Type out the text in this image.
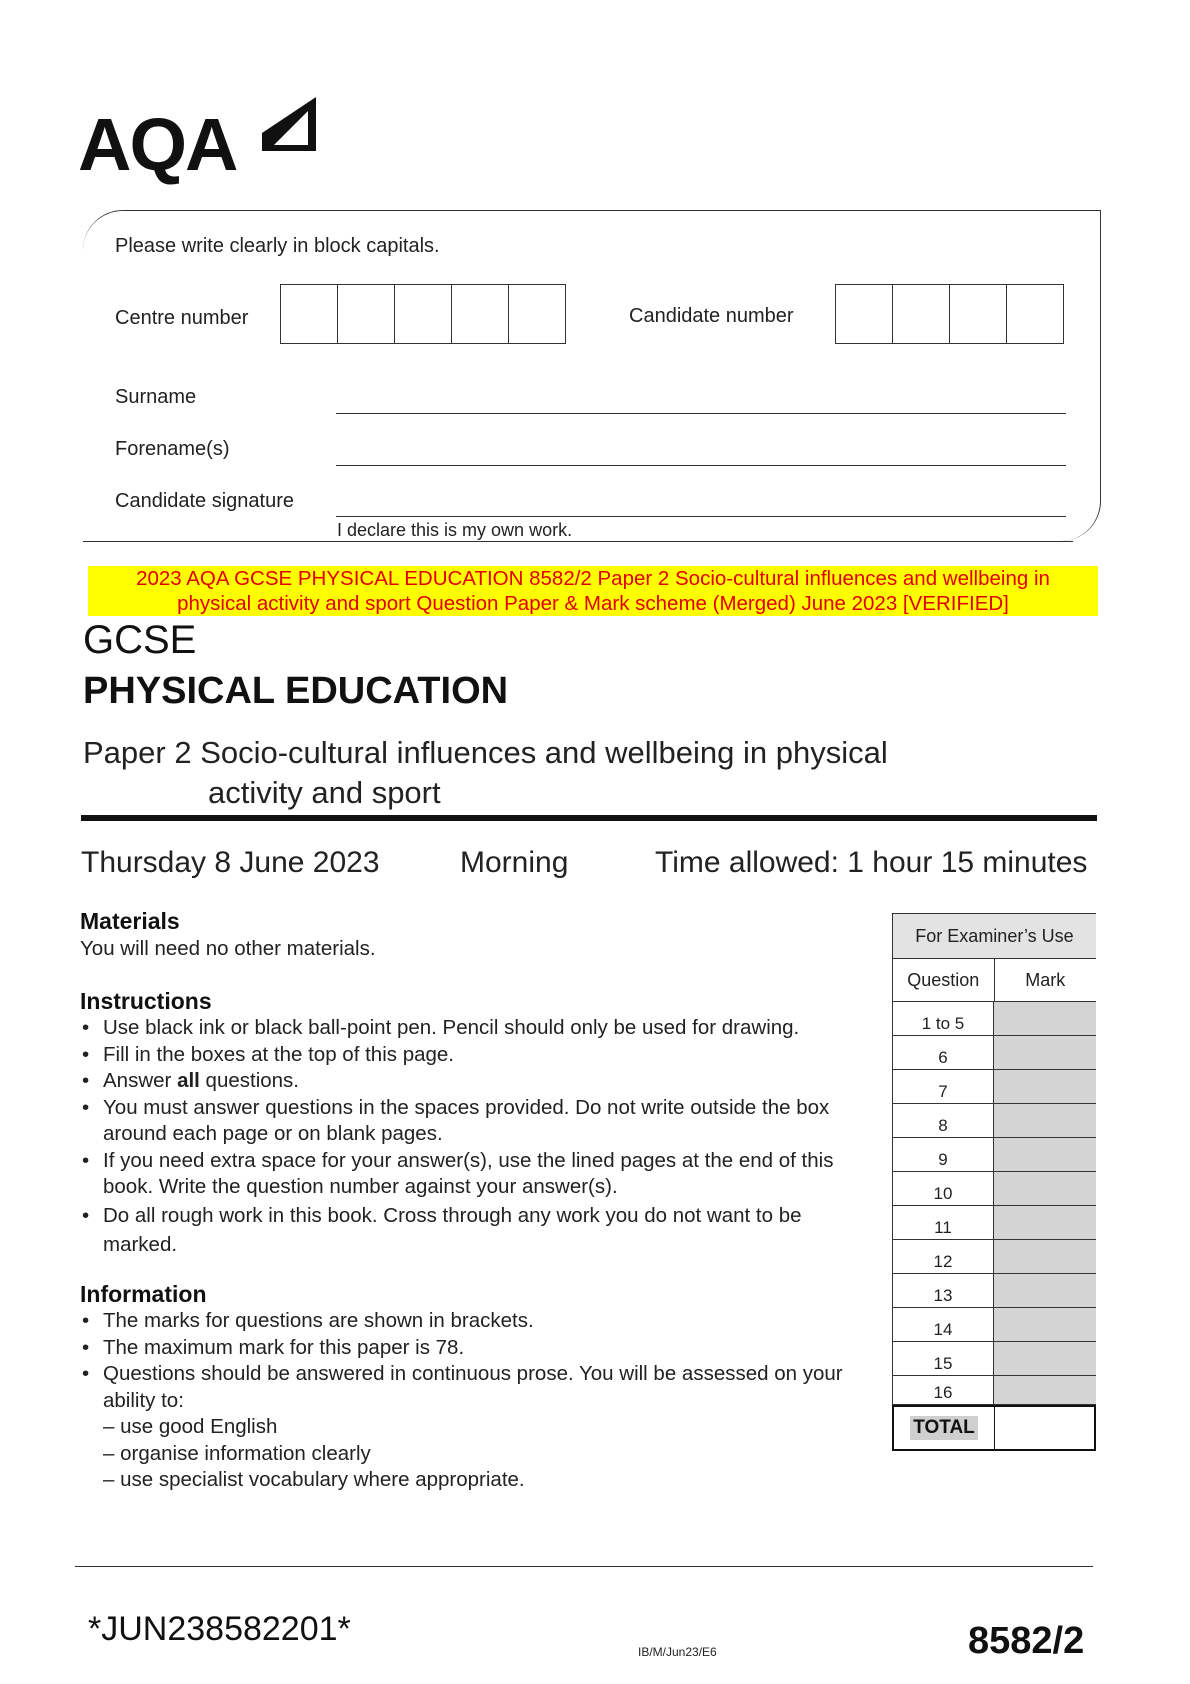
AQA
Please write clearly in block capitals.
Centre number	Candidate number
Surname
Forename(s)
Candidate signature
I declare this is my own work.
2023 AQA GCSE PHYSICAL EDUCATION 8582/2 Paper 2 Socio-cultural influences and wellbeing in
physical activity and sport Question Paper & Mark scheme (Merged) June 2023 [VERIFIED]
GCSE
PHYSICAL EDUCATION
Paper 2 Socio-cultural influences and wellbeing in physical
activity and sport
Thursday 8 June 2023	Morning	Time allowed: 1 hour 15 minutes
Materials
You will need no other materials.
Instructions
• Use black ink or black ball-point pen. Pencil should only be used for drawing.
• Fill in the boxes at the top of this page.
• Answer all questions.
• You must answer questions in the spaces provided. Do not write outside the box around each page or on blank pages.
• If you need extra space for your answer(s), use the lined pages at the end of this book. Write the question number against your answer(s).
• Do all rough work in this book. Cross through any work you do not want to be marked.
Information
• The marks for questions are shown in brackets.
• The maximum mark for this paper is 78.
• Questions should be answered in continuous prose. You will be assessed on your ability to:
– use good English
– organise information clearly
– use specialist vocabulary where appropriate.
For Examiner’s Use
Question	Mark
1 to 5
6
7
8
9
10
11
12
13
14
15
16
TOTAL
*JUN238582201*
IB/M/Jun23/E6	8582/2
